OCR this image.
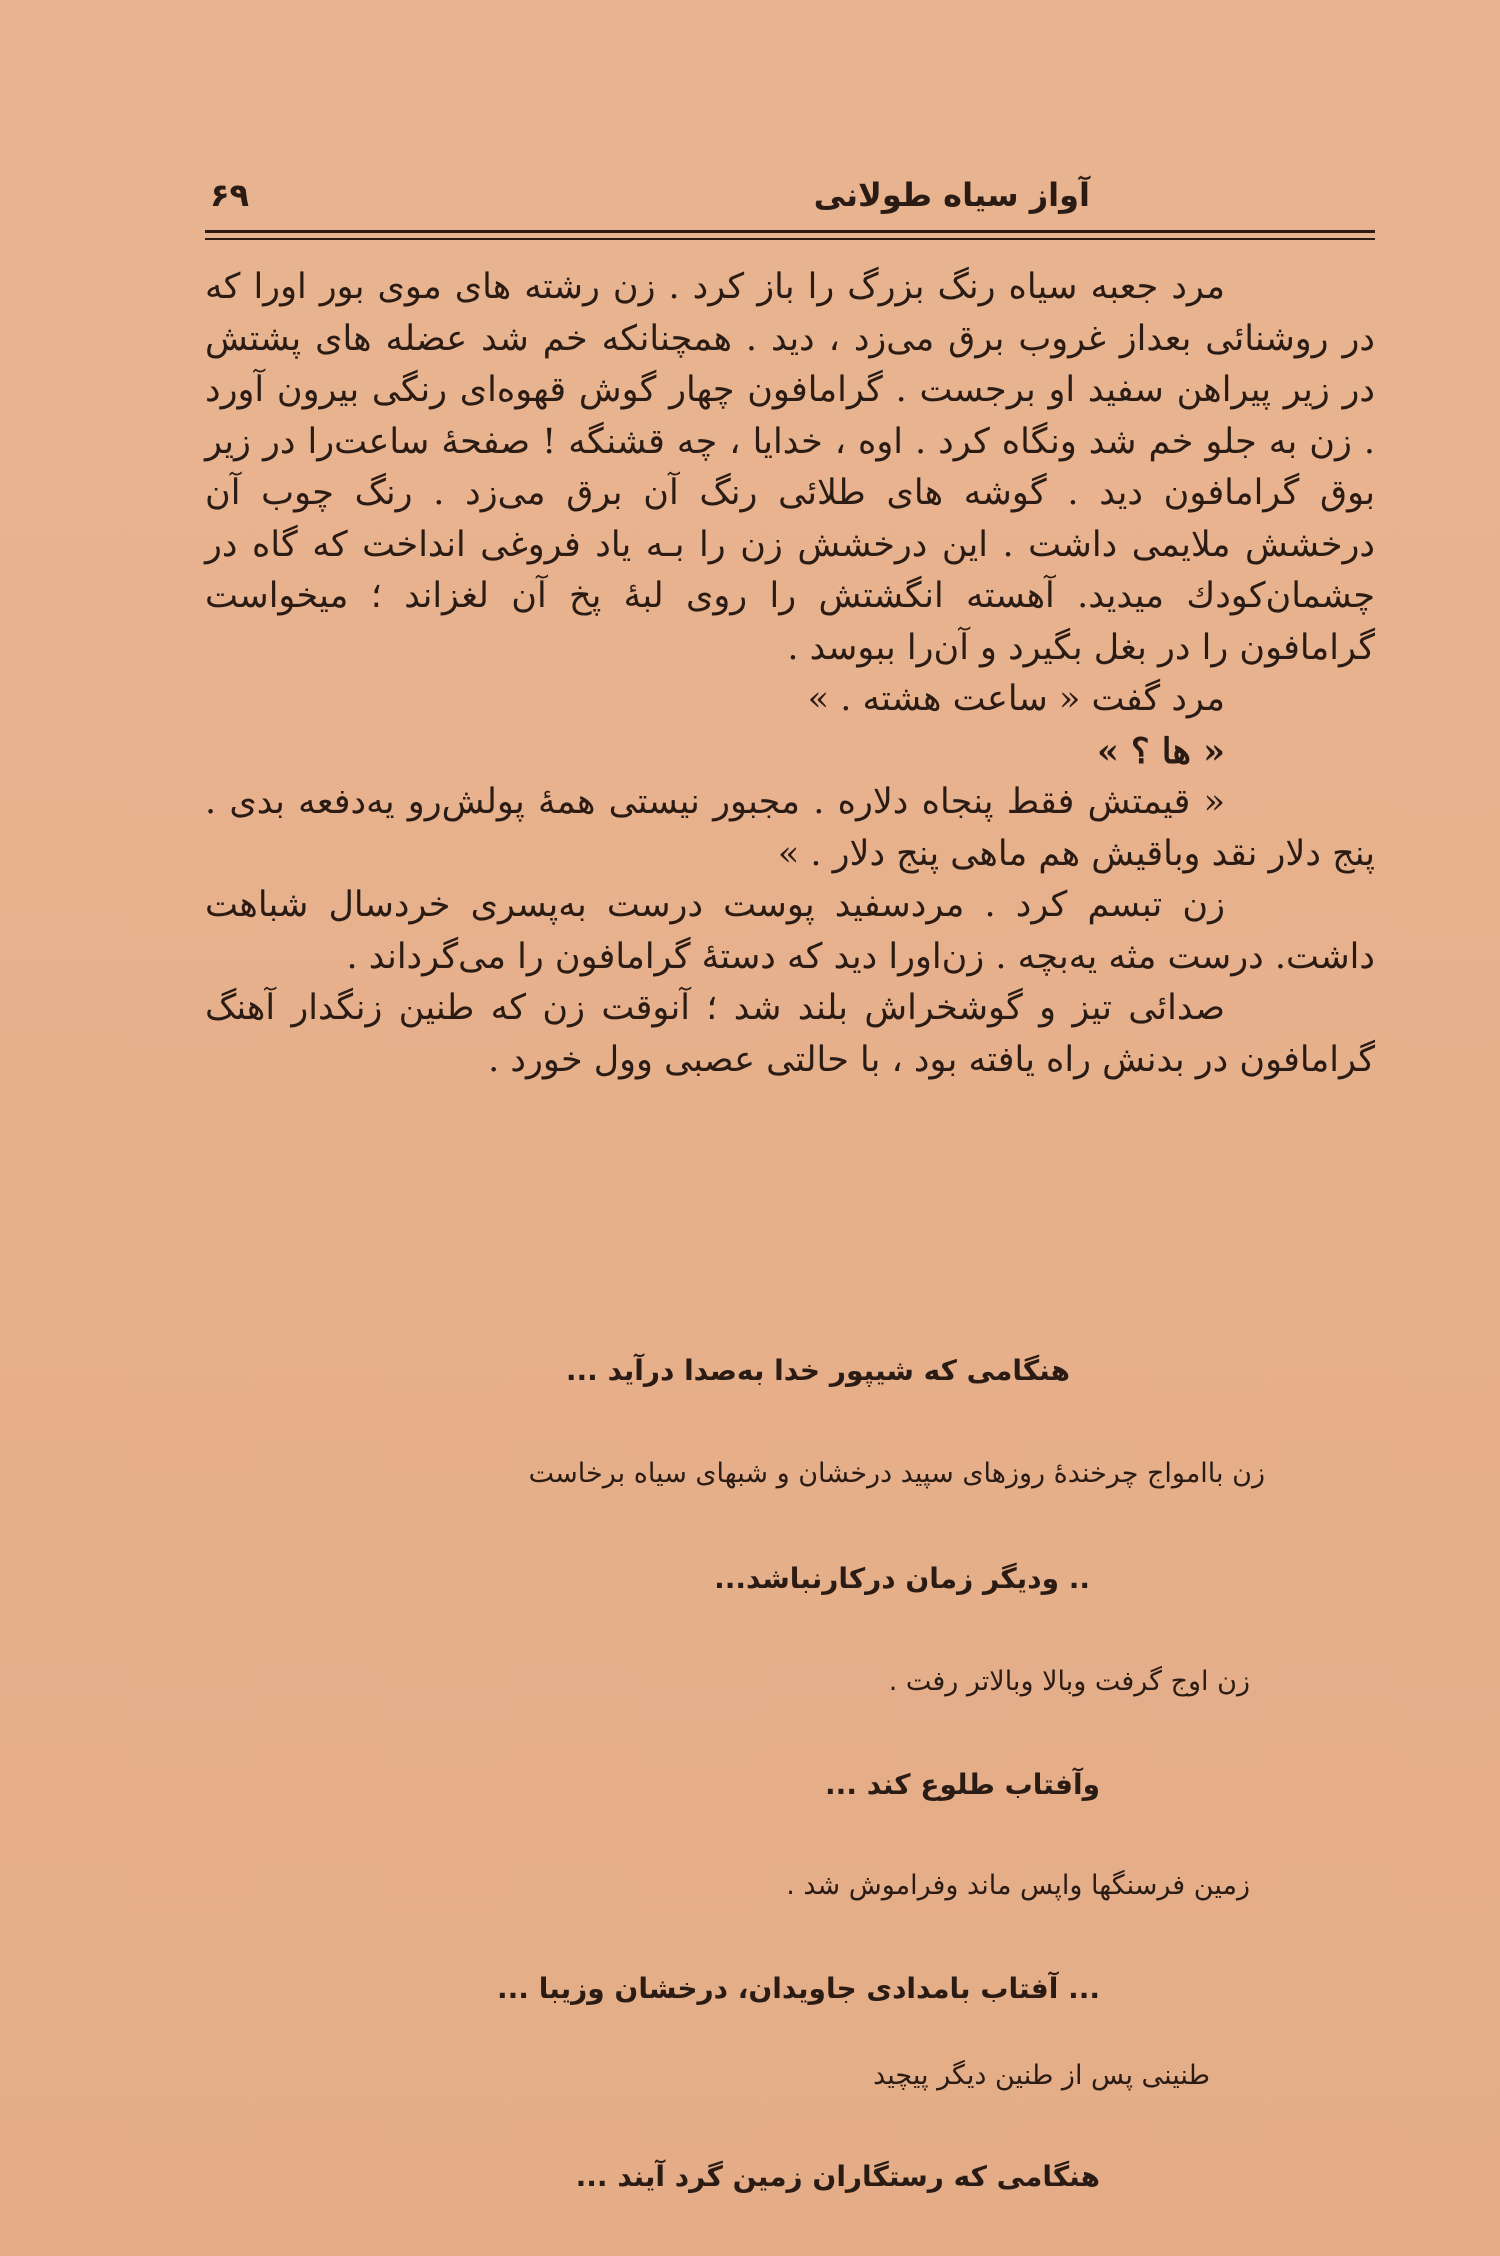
آواز سیاه طولانی
۶۹

مرد جعبه سیاه رنگ بزرگ را باز کرد . زن رشته های موی بور اورا که در روشنائی بعداز غروب برق می‌زد ، دید . همچنانکه خم شد عضله های پشتش در زیر پیراهن سفید او برجست . گرامافون چهار گوش قهوه‌ای رنگی بیرون آورد . زن به جلو خم شد ونگاه کرد . اوه ، خدایا ، چه قشنگه ! صفحهٔ ساعت‌را در زیر بوق گرامافون دید . گوشه های طلائی رنگ آن برق می‌زد . رنگ چوب آن درخشش ملایمی داشت . این درخشش زن را بـه یاد فروغی انداخت که گاه در چشمان‌کودك میدید. آهسته انگشتش را روی لبهٔ پخ آن لغزاند ؛ میخواست گرامافون را در بغل بگیرد و آن‌را ببوسد .

مرد گفت « ساعت هشته . »

« ها ؟ »

« قیمتش فقط پنجاه دلاره . مجبور نیستی همهٔ پولش‌رو یه‌دفعه بدی . پنج دلار نقد وباقیش هم ماهی پنج دلار . »

زن تبسم کرد . مردسفید پوست درست به‌پسری خردسال شباهت داشت. درست مثه یه‌بچه . زن‌اورا دید که دستهٔ گرامافون را می‌گرداند .

صدائی تیز و گوشخراش بلند شد ؛ آنوقت زن که طنین زنگدار آهنگ گرامافون در بدنش راه یافته بود ، با حالتی عصبی وول خورد .

هنگامی که شیپور خدا به‌صدا درآید ...
زن باامواج چرخندهٔ روزهای سپید درخشان و شبهای سیاه برخاست
.. وديگر زمان درکارنباشد...
زن اوج گرفت وبالا وبالاتر رفت .
وآفتاب طلوع کند ...
زمین فرسنگها واپس ماند وفراموش شد .
... آفتاب بامدادی جاویدان، درخشان وزیبا ...
طنینی پس از طنین دیگر پیچید
هنگامی که رستگاران زمین گرد آیند ...
